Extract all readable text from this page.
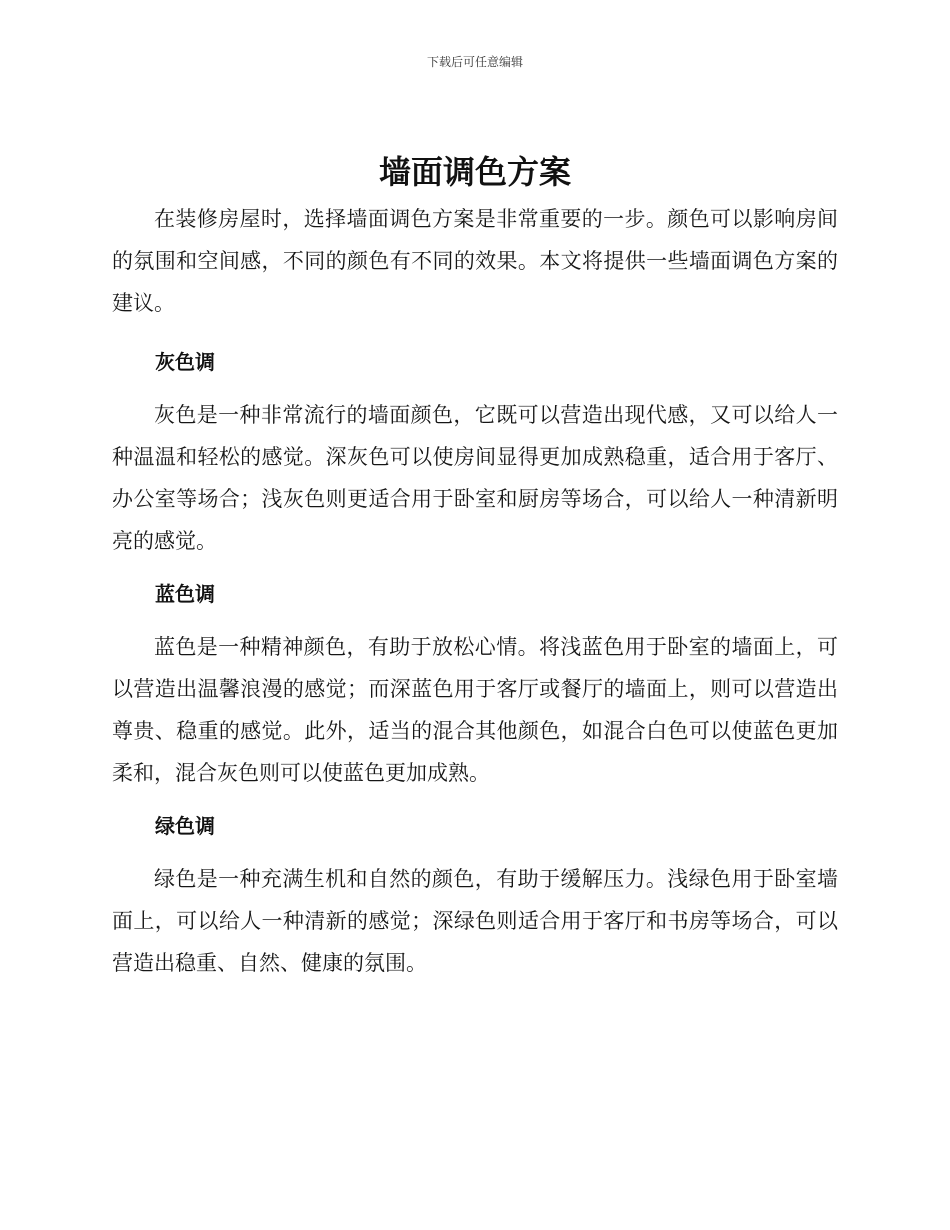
下载后可任意编辑
墙面调色方案

在装修房屋时，选择墙面调色方案是非常重要的一步。颜色可以影响房间的氛围和空间感，不同的颜色有不同的效果。本文将提供一些墙面调色方案的建议。

灰色调

灰色是一种非常流行的墙面颜色，它既可以营造出现代感，又可以给人一种温温和轻松的感觉。深灰色可以使房间显得更加成熟稳重，适合用于客厅、办公室等场合；浅灰色则更适合用于卧室和厨房等场合，可以给人一种清新明亮的感觉。

蓝色调

蓝色是一种精神颜色，有助于放松心情。将浅蓝色用于卧室的墙面上，可以营造出温馨浪漫的感觉；而深蓝色用于客厅或餐厅的墙面上，则可以营造出尊贵、稳重的感觉。此外，适当的混合其他颜色，如混合白色可以使蓝色更加柔和，混合灰色则可以使蓝色更加成熟。

绿色调

绿色是一种充满生机和自然的颜色，有助于缓解压力。浅绿色用于卧室墙面上，可以给人一种清新的感觉；深绿色则适合用于客厅和书房等场合，可以营造出稳重、自然、健康的氛围。
